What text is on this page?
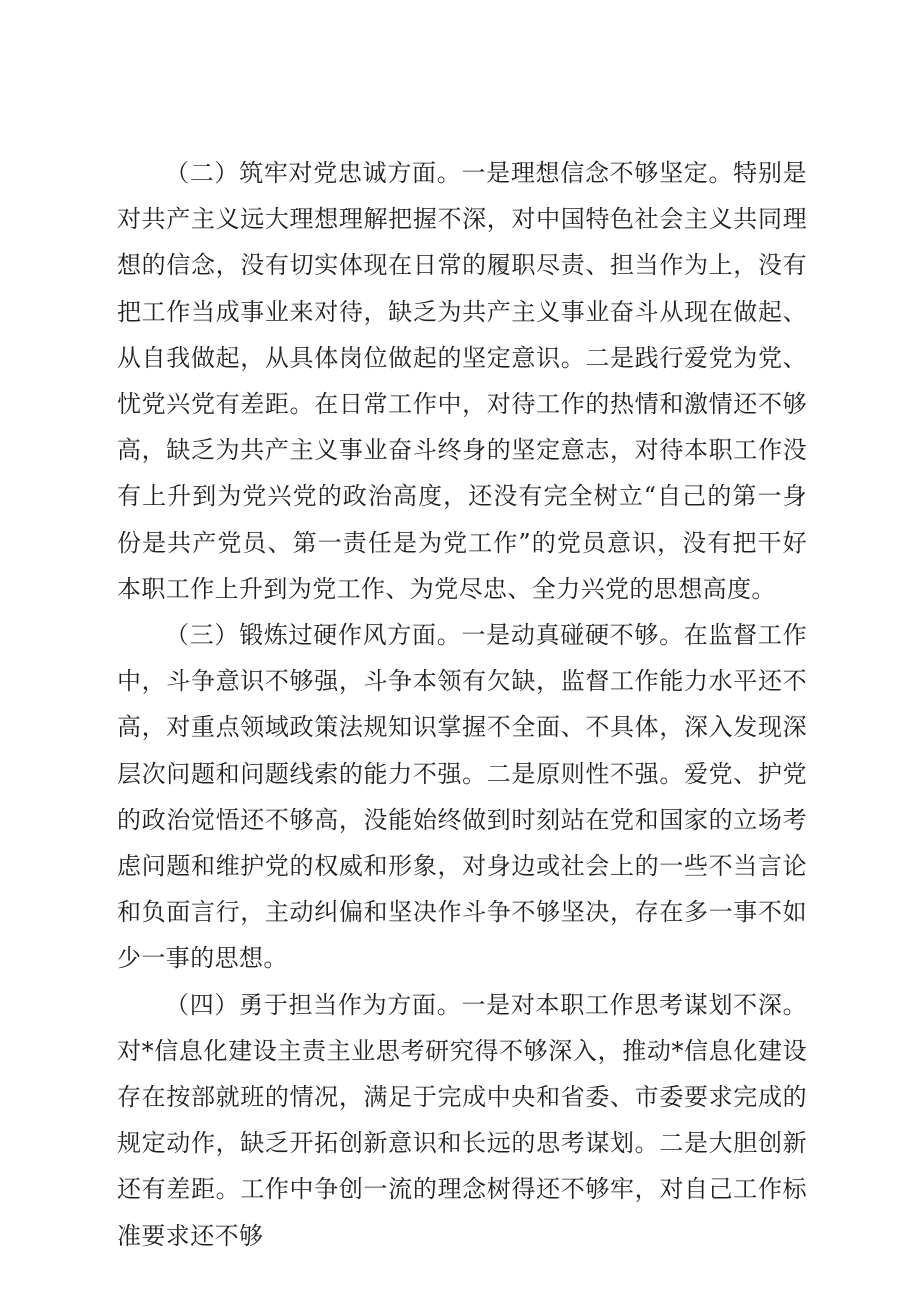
（二）筑牢对党忠诚方面。一是理想信念不够坚定。特别是对共产主义远大理想理解把握不深，对中国特色社会主义共同理想的信念，没有切实体现在日常的履职尽责、担当作为上，没有把工作当成事业来对待，缺乏为共产主义事业奋斗从现在做起、从自我做起，从具体岗位做起的坚定意识。二是践行爱党为党、忧党兴党有差距。在日常工作中，对待工作的热情和激情还不够高，缺乏为共产主义事业奋斗终身的坚定意志，对待本职工作没有上升到为党兴党的政治高度，还没有完全树立“自己的第一身份是共产党员、第一责任是为党工作”的党员意识，没有把干好本职工作上升到为党工作、为党尽忠、全力兴党的思想高度。

（三）锻炼过硬作风方面。一是动真碰硬不够。在监督工作中，斗争意识不够强，斗争本领有欠缺，监督工作能力水平还不高，对重点领域政策法规知识掌握不全面、不具体，深入发现深层次问题和问题线索的能力不强。二是原则性不强。爱党、护党的政治觉悟还不够高，没能始终做到时刻站在党和国家的立场考虑问题和维护党的权威和形象，对身边或社会上的一些不当言论和负面言行，主动纠偏和坚决作斗争不够坚决，存在多一事不如少一事的思想。

（四）勇于担当作为方面。一是对本职工作思考谋划不深。对*信息化建设主责主业思考研究得不够深入，推动*信息化建设存在按部就班的情况，满足于完成中央和省委、市委要求完成的规定动作，缺乏开拓创新意识和长远的思考谋划。二是大胆创新还有差距。工作中争创一流的理念树得还不够牢，对自己工作标准要求还不够
